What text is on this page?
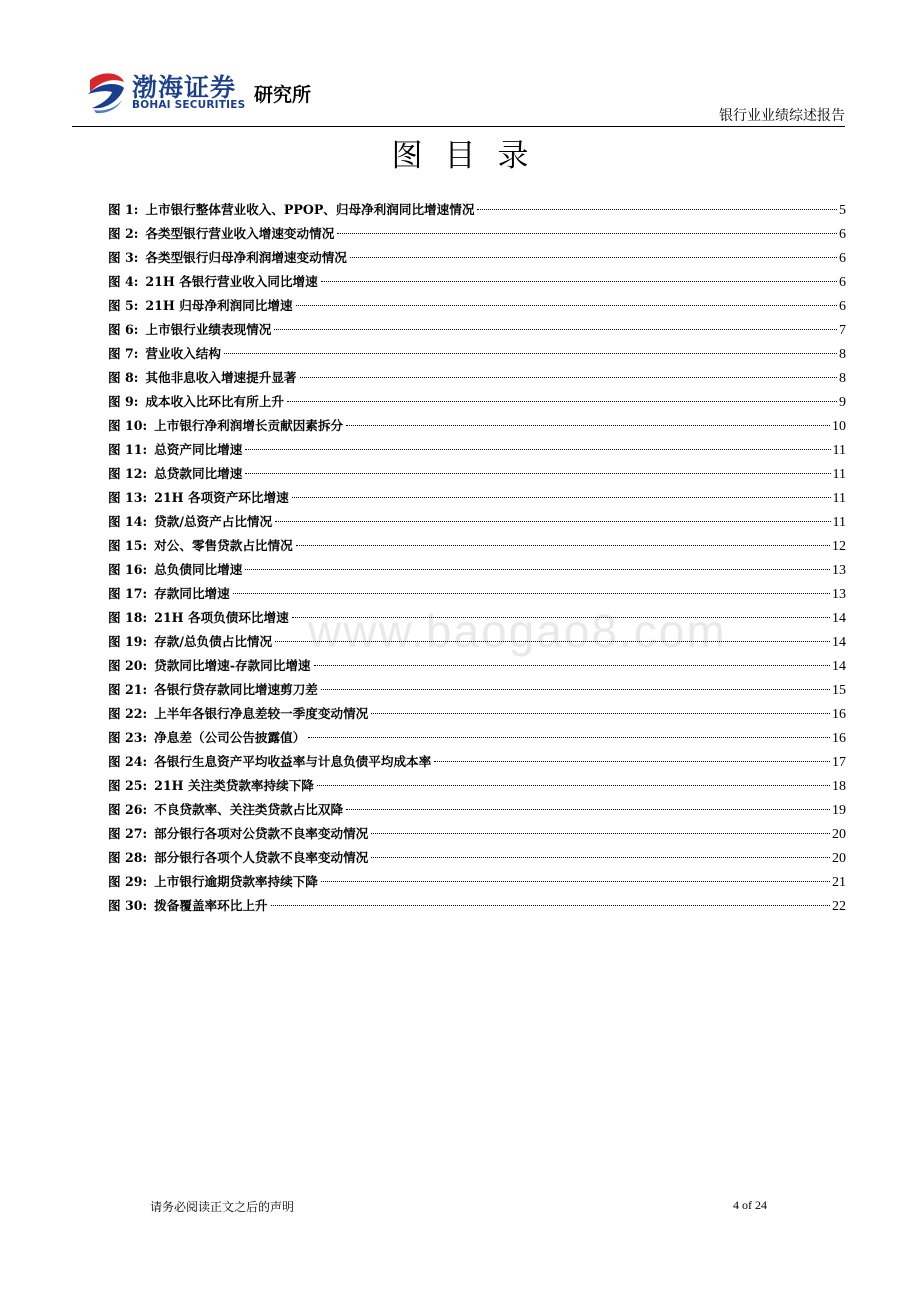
渤海证券
BOHAI SECURITIES 研究所
银行业业绩综述报告
图目录
www.baogao8.com
图 1: 上市银行整体营业收入、PPOP、归母净利润同比增速情况	5
图 2: 各类型银行营业收入增速变动情况	6
图 3: 各类型银行归母净利润增速变动情况	6
图 4: 21H 各银行营业收入同比增速	6
图 5: 21H 归母净利润同比增速	6
图 6: 上市银行业绩表现情况	7
图 7: 营业收入结构	8
图 8: 其他非息收入增速提升显著	8
图 9: 成本收入比环比有所上升	9
图 10: 上市银行净利润增长贡献因素拆分	10
图 11: 总资产同比增速	11
图 12: 总贷款同比增速	11
图 13: 21H 各项资产环比增速	11
图 14: 贷款/总资产占比情况	11
图 15: 对公、零售贷款占比情况	12
图 16: 总负债同比增速	13
图 17: 存款同比增速	13
图 18: 21H 各项负债环比增速	14
图 19: 存款/总负债占比情况	14
图 20: 贷款同比增速-存款同比增速	14
图 21: 各银行贷存款同比增速剪刀差	15
图 22: 上半年各银行净息差较一季度变动情况	16
图 23: 净息差（公司公告披露值）	16
图 24: 各银行生息资产平均收益率与计息负债平均成本率	17
图 25: 21H 关注类贷款率持续下降	18
图 26: 不良贷款率、关注类贷款占比双降	19
图 27: 部分银行各项对公贷款不良率变动情况	20
图 28: 部分银行各项个人贷款不良率变动情况	20
图 29: 上市银行逾期贷款率持续下降	21
图 30: 拨备覆盖率环比上升	22
请务必阅读正文之后的声明	4 of 24
